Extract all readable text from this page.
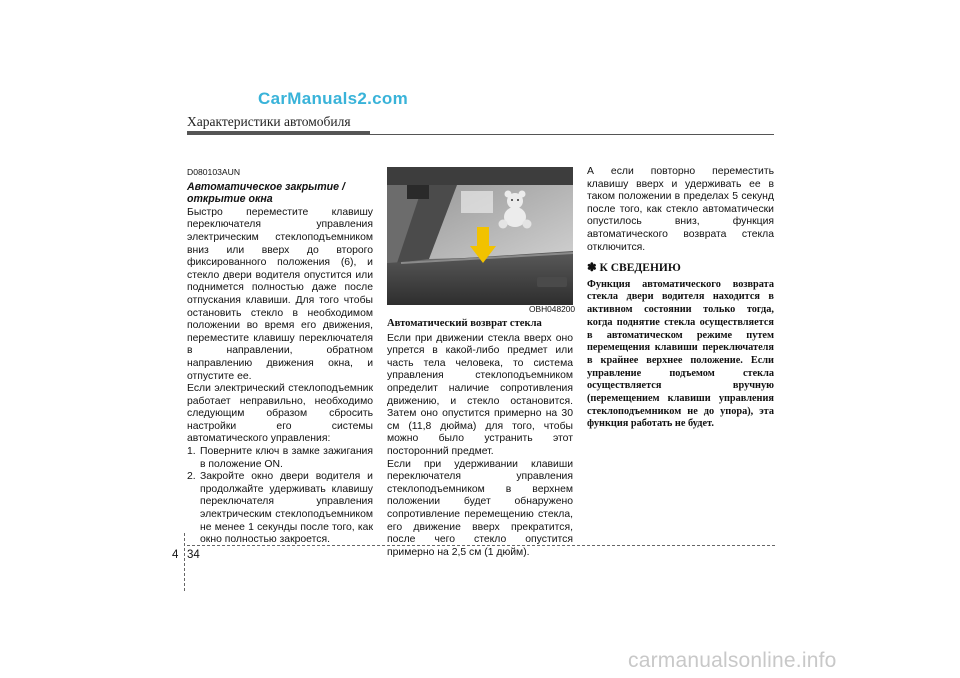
CarManuals2.com
Характеристики автомобиля
D080103AUN
Автоматическое закрытие / открытие окна

Быстро переместите клавишу переключателя управления электрическим стеклоподъемником вниз или вверх до второго фиксированного положения (6), и стекло двери водителя опустится или поднимется полностью даже после отпускания клавиши. Для того чтобы остановить стекло в необходимом положении во время его движения, переместите клавишу переключателя в направлении, обратном направлению движения окна, и отпустите ее.

Если электрический стеклоподъемник работает неправильно, необходимо следующим образом сбросить настройки его системы автоматического управления:

1. Поверните ключ в замке зажигания в положение ON.
2. Закройте окно двери водителя и продолжайте удерживать клавишу переключателя управления электрическим стеклоподъемником не менее 1 секунды после того, как окно полностью закроется.
OBH048200
Автоматический возврат стекла

Если при движении стекла вверх оно упрется в какой-либо предмет или часть тела человека, то система управления стеклоподъемником определит наличие сопротивления движению, и стекло остановится. Затем оно опустится примерно на 30 см (11,8 дюйма) для того, чтобы можно было устранить этот посторонний предмет.

Если при удерживании клавиши переключателя управления стеклоподъемником в верхнем положении будет обнаружено сопротивление перемещению стекла, его движение вверх прекратится, после чего стекло опустится примерно на 2,5 см (1 дюйм).

А если повторно переместить клавишу вверх и удерживать ее в таком положении в пределах 5 секунд после того, как стекло автоматически опустилось вниз, функция автоматического возврата стекла отключится.

✽ К СВЕДЕНИЮ

Функция автоматического возврата стекла двери водителя находится в активном состоянии только тогда, когда поднятие стекла осуществляется в автоматическом режиме путем перемещения клавиши переключателя в крайнее верхнее положение. Если управление подъемом стекла осуществляется вручную (перемещением клавиши управления стеклоподъемником не до упора), эта функция работать не будет.

4 34
carmanualsonline.info
